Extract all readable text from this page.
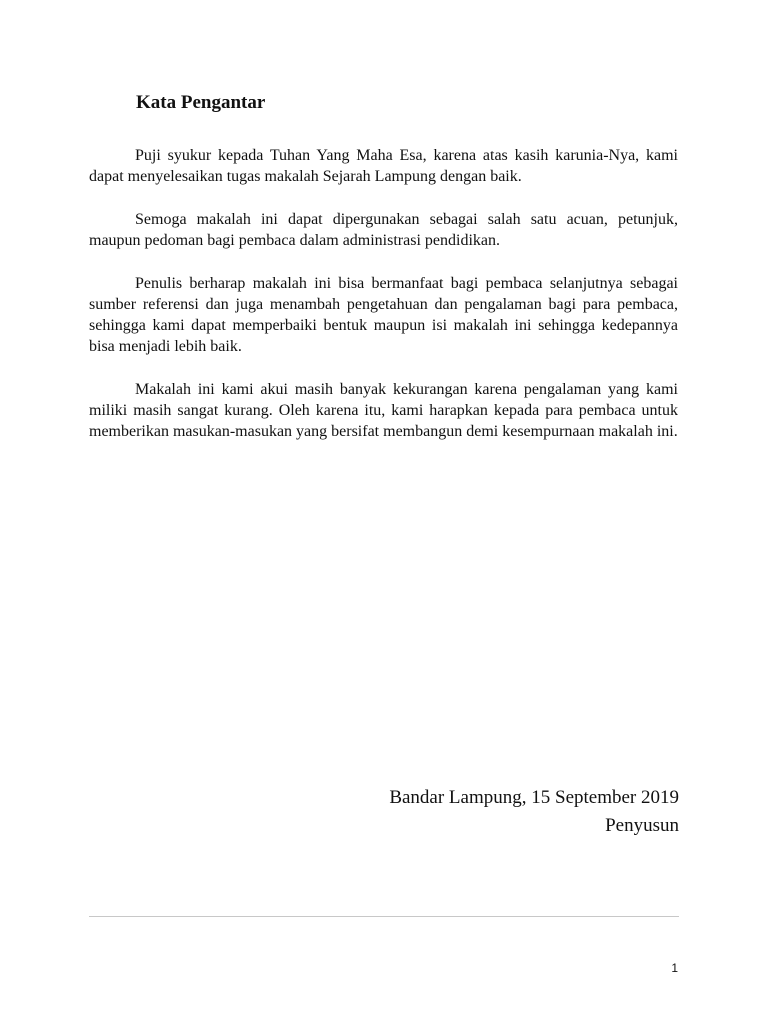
Kata Pengantar

Puji syukur kepada Tuhan Yang Maha Esa, karena atas kasih karunia-Nya, kami dapat menyelesaikan tugas makalah Sejarah Lampung dengan baik.

Semoga makalah ini dapat dipergunakan sebagai salah satu acuan, petunjuk, maupun pedoman bagi pembaca dalam administrasi pendidikan.

Penulis berharap makalah ini bisa bermanfaat bagi pembaca selanjutnya sebagai sumber referensi dan juga menambah pengetahuan dan pengalaman bagi para pembaca, sehingga kami dapat memperbaiki bentuk maupun isi makalah ini sehingga kedepannya bisa menjadi lebih baik.

Makalah ini kami akui masih banyak kekurangan karena pengalaman yang kami miliki masih sangat kurang. Oleh karena itu, kami harapkan kepada para pembaca untuk memberikan masukan-masukan yang bersifat membangun demi kesempurnaan makalah ini.

Bandar Lampung, 15 September 2019
Penyusun
1
